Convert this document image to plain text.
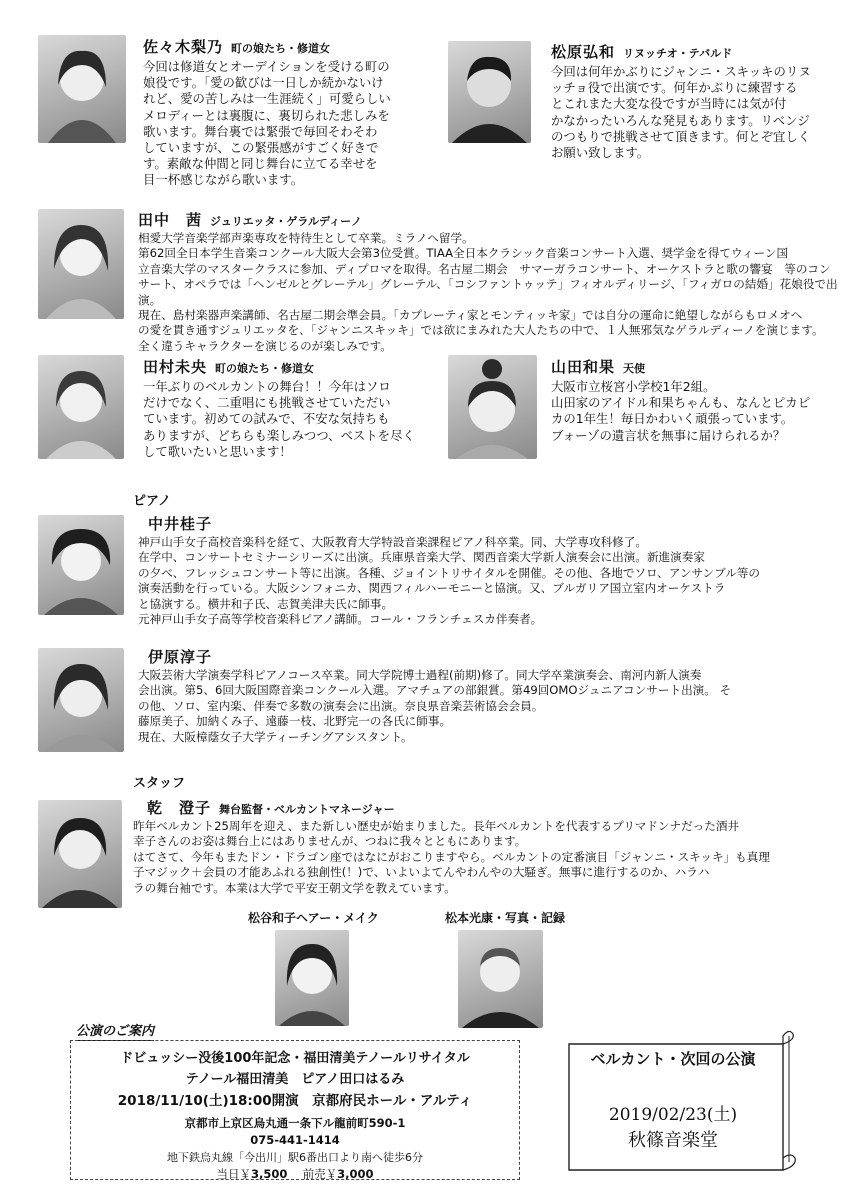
佐々木梨乃 町の娘たち・修道女

今回は修道女とオーデイションを受ける町の
娘役です。「愛の歓びは一日しか続かないけ
れど、愛の苦しみは一生涯続く」可愛らしい
メロディーとは裏腹に、裏切られた悲しみを
歌います。舞台裏では緊張で毎回そわそわ
していますが、この緊張感がすごく好きで
す。素敵な仲間と同じ舞台に立てる幸せを
目一杯感じながら歌います。

松原弘和 リヌッチオ・テバルド

今回は何年かぶりにジャンニ・スキッキのリヌ
ッチョ役で出演です。何年かぶりに練習する
とこれまた大変な役ですが当時には気が付
かなかったいろんな発見もあります。リベンジ
のつもりで挑戦させて頂きます。何とぞ宜しく
お願い致します。

田中　茜 ジュリエッタ・ゲラルディーノ

相愛大学音楽学部声楽専攻を特待生として卒業。ミラノへ留学。
第62回全日本学生音楽コンクール大阪大会第3位受賞。TIAA全日本クラシック音楽コンサート入選、奨学金を得てウィーン国
立音楽大学のマスタークラスに参加、ディプロマを取得。名古屋二期会　サマーガラコンサート、オーケストラと歌の響宴　等のコン
サート、オペラでは「ヘンゼルとグレーテル」グレーテル、「コシファントゥッテ」フィオルディリージ、「フィガロの結婚」花娘役で出演。
現在、島村楽器声楽講師、名古屋二期会準会員。「カプレーティ家とモンティッキ家」では自分の運命に絶望しながらもロメオへ
の愛を貫き通すジュリエッタを、「ジャンニスキッキ」では欲にまみれた大人たちの中で、１人無邪気なゲラルディーノを演じます。
全く違うキャラクターを演じるのが楽しみです。

田村未央 町の娘たち・修道女

一年ぶりのベルカントの舞台！！今年はソロ
だけでなく、二重唱にも挑戦させていただい
ています。初めての試みで、不安な気持ちも
ありますが、どちらも楽しみつつ、ベストを尽く
して歌いたいと思います！

山田和果 天使

大阪市立桜宮小学校1年2組。
山田家のアイドル和果ちゃんも、なんとピカピ
カの1年生！毎日かわいく頑張っています。
ブォーゾの遺言状を無事に届けられるか？

ピアノ
中井桂子

神戸山手女子高校音楽科を経て、大阪教育大学特設音楽課程ピアノ科卒業。同、大学専攻科修了。
在学中、コンサートセミナーシリーズに出演。兵庫県音楽大学、関西音楽大学新人演奏会に出演。新進演奏家
の夕べ、フレッシュコンサート等に出演。各種、ジョイントリサイタルを開催。その他、各地でソロ、アンサンブル等の
演奏活動を行っている。大阪シンフォニカ、関西フィルハーモニーと協演。又、ブルガリア国立室内オーケストラ
と協演する。横井和子氏、志賀美津夫氏に師事。
元神戸山手女子高等学校音楽科ピアノ講師。コール・フランチェスカ伴奏者。

伊原淳子

大阪芸術大学演奏学科ピアノコース卒業。同大学院博士過程(前期)修了。同大学卒業演奏会、南河内新人演奏
会出演。第5、6回大阪国際音楽コンクール入選。アマチュアの部銀賞。第49回OMOジュニアコンサート出演。 そ
の他、ソロ、室内楽、伴奏で多数の演奏会に出演。奈良県音楽芸術協会会員。
藤原美子、加納くみ子、遠藤一枝、北野完一の各氏に師事。
現在、大阪樟蔭女子大学ティーチングアシスタント。

スタッフ
乾　澄子 舞台監督・ベルカントマネージャー

昨年ベルカント25周年を迎え、また新しい歴史が始まりました。長年ベルカントを代表するプリマドンナだった酒井
幸子さんのお姿は舞台上にはありませんが、つねに我々とともにあります。
はてさて、今年もまたドン・ドラゴン座ではなにがおこりますやら。ベルカントの定番演目「ジャンニ・スキッキ」も真理
子マジック＋会員の才能あふれる独創性(！)で、いよいよてんやわんやの大騒ぎ。無事に進行するのか、ハラハ
ラの舞台袖です。本業は大学で平安王朝文学を教えています。

松谷和子ヘアー・メイク	松本光康・写真・記録
公演のご案内
ドビュッシー没後100年記念・福田清美テノールリサイタル
テノール福田清美　ピアノ田口はるみ
2018/11/10(土)18:00開演　京都府民ホール・アルティ
京都市上京区烏丸通一条下ル龍前町590-1
075-441-1414
地下鉄烏丸線「今出川」駅6番出口より南へ徒歩6分
当日￥3,500　 前売￥3,000
ベルカント・次回の公演
2019/02/23(土)
秋篠音楽堂
